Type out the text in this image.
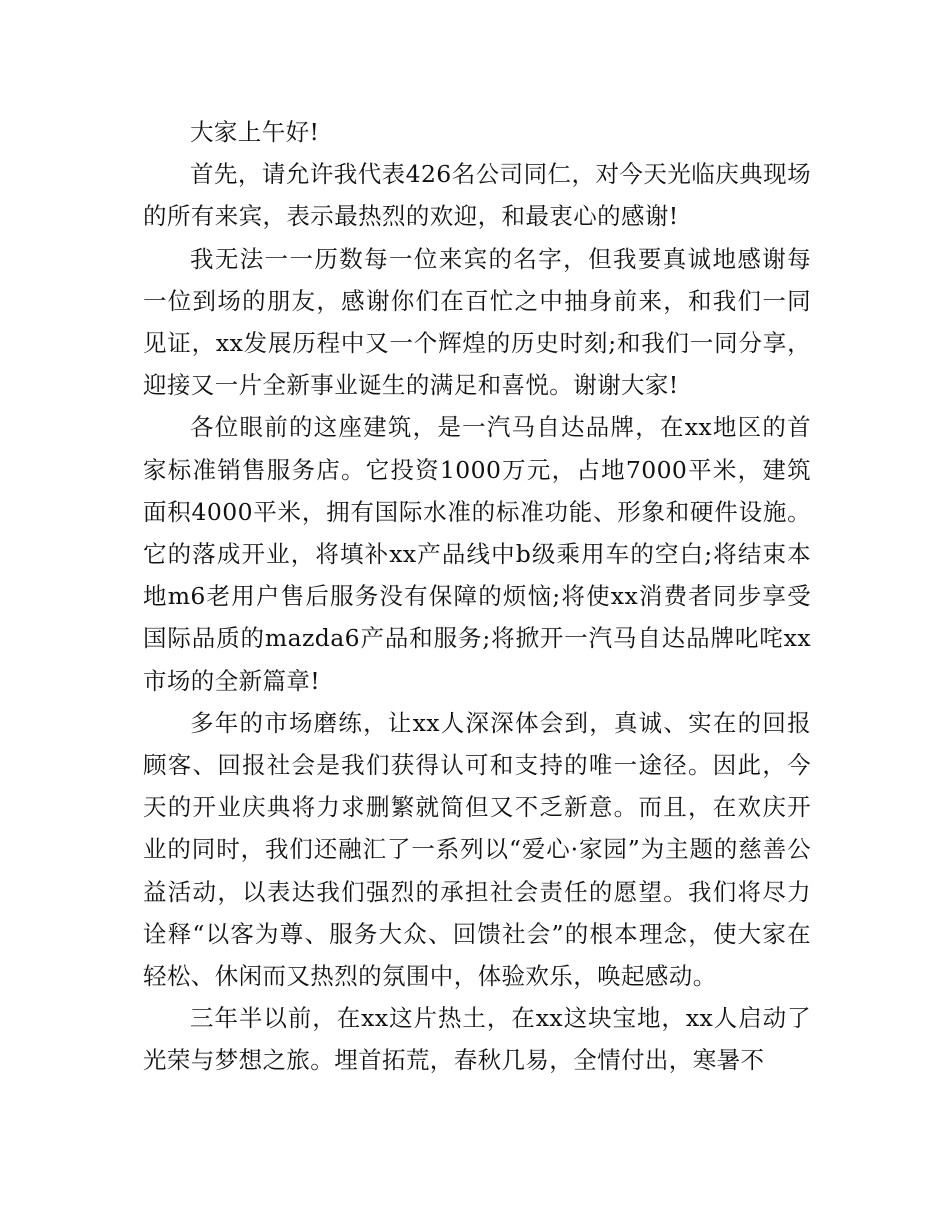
大家上午好!

首先，请允许我代表426名公司同仁，对今天光临庆典现场的所有来宾，表示最热烈的欢迎，和最衷心的感谢!

我无法一一历数每一位来宾的名字，但我要真诚地感谢每一位到场的朋友，感谢你们在百忙之中抽身前来，和我们一同见证，xx发展历程中又一个辉煌的历史时刻;和我们一同分享，迎接又一片全新事业诞生的满足和喜悦。谢谢大家!

各位眼前的这座建筑，是一汽马自达品牌，在xx地区的首家标准销售服务店。它投资1000万元，占地7000平米，建筑面积4000平米，拥有国际水准的标准功能、形象和硬件设施。它的落成开业，将填补xx产品线中b级乘用车的空白;将结束本地m6老用户售后服务没有保障的烦恼;将使xx消费者同步享受国际品质的mazda6产品和服务;将掀开一汽马自达品牌叱咤xx市场的全新篇章!

多年的市场磨练，让xx人深深体会到，真诚、实在的回报顾客、回报社会是我们获得认可和支持的唯一途径。因此，今天的开业庆典将力求删繁就简但又不乏新意。而且，在欢庆开业的同时，我们还融汇了一系列以“爱心·家园”为主题的慈善公益活动，以表达我们强烈的承担社会责任的愿望。我们将尽力诠释“以客为尊、服务大众、回馈社会”的根本理念，使大家在轻松、休闲而又热烈的氛围中，体验欢乐，唤起感动。

三年半以前，在xx这片热土，在xx这块宝地，xx人启动了光荣与梦想之旅。埋首拓荒，春秋几易，全情付出，寒暑不
